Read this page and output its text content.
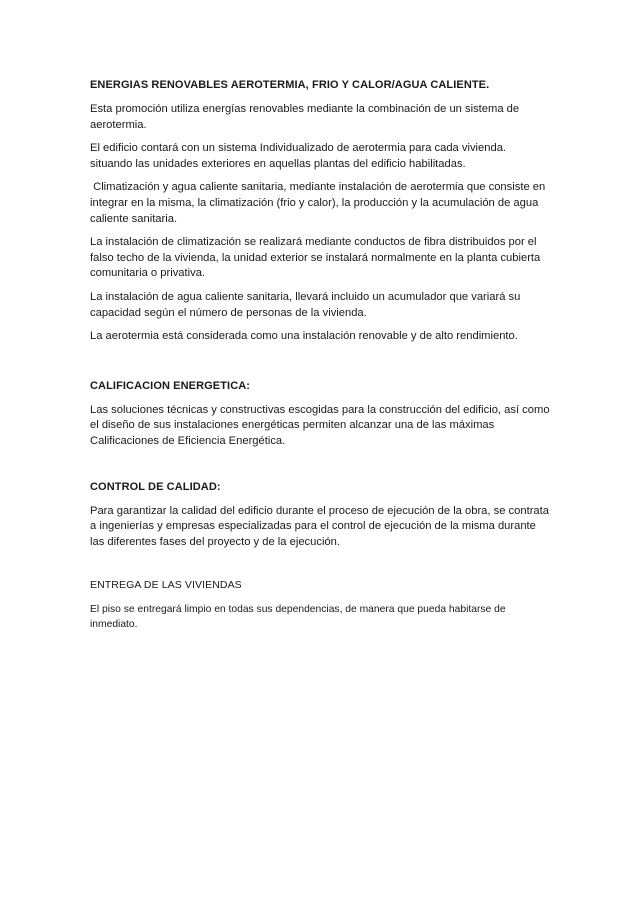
ENERGIAS RENOVABLES AEROTERMIA, FRIO Y CALOR/AGUA CALIENTE.

Esta promoción utiliza energías renovables mediante la combinación de un sistema de aerotermia.

El edificio contará con un sistema Individualizado de aerotermia para cada vivienda. situando las unidades exteriores en aquellas plantas del edificio habilitadas.

Climatización y agua caliente sanitaria, mediante instalación de aerotermia que consiste en integrar en la misma, la climatización (frio y calor), la producción y la acumulación de agua caliente sanitaria.

La instalación de climatización se realizará mediante conductos de fibra distribuidos por el falso techo de la vivienda, la unidad exterior se instalará normalmente en la planta cubierta comunitaria o privativa.

La instalación de agua caliente sanitaria, llevará incluido un acumulador que variará su capacidad según el número de personas de la vivienda.

La aerotermia está considerada como una instalación renovable y de alto rendimiento.

CALIFICACION ENERGETICA:

Las soluciones técnicas y constructivas escogidas para la construcción del edificio, así como el diseño de sus instalaciones energéticas permiten alcanzar una de las máximas Calificaciones de Eficiencia Energética.

CONTROL DE CALIDAD:

Para garantizar la calidad del edificio durante el proceso de ejecución de la obra, se contrata a ingenierías y empresas especializadas para el control de ejecución de la misma durante las diferentes fases del proyecto y de la ejecución.

ENTREGA DE LAS VIVIENDAS

El piso se entregará limpio en todas sus dependencias, de manera que pueda habitarse de inmediato.
